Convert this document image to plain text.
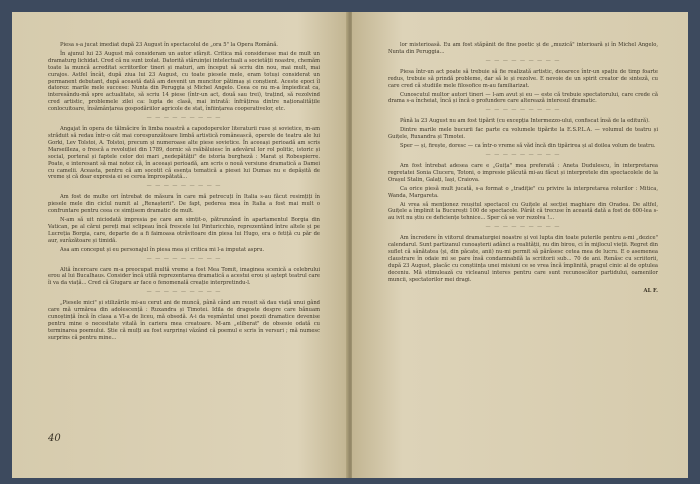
Piesa s-a jucat imediat după 23 August în spectacolul de „ora 5" la Opera Română.

În ajunul lui 23 August mă consideram un autor sfârșit. Critica mă considerase mai de mult un dramaturg lichidat. Cred că nu sunt izolat. Datorită stăruinței intelectuali a societății noastre, chemăm toate la muncă acreditat scriitorilor tineri și maturi, am început să scriu din nou, mai mult, mai curajos. Astfel încât, după ziua lui 23 August, cu toate piesele mele, eram totuși considerat un permanent debutant, după această dată am devenit un muncitor pătimaș și conștient. Aceste epoci îl datorez: marile mele succese: Nunta din Peruggia și Michel Angelo. Ceea ce nu m-a împiedicat ca, interesându-mă spre actualitate, să scriu 14 piese (într-un act, două sau trei), trațind, să rezolvind cred artistic, problemele zilei ca: lupta de clasă, mai intrată: înfrățirea dintre naționalitățile conlocuitoare, însămânțarea gospodăriilor agricole de stat, înființarea cooperativelor, etc.

— — — — — — — — —

Angajat în opera de tălmăcire în limba noastră a capodoperelor literaturii ruse și sovietice, m-am străduit să redau într-o cât mai corespunzătoare limbă artistică românească, operele de teatru ale lui Gorki, Lev Tolstoi, A. Tolstoi, precum și numeroase alte piese sovietice. În aceeași perioadă am scris Marseilleza, o frescă a revoluției din 1789, dornic să rsăbăluiesc în adevărul lor rol politic, istoric și social, porteral și faptele celor doi mari „nedepătății" de istoria burgheză : Marat și Robespierre. Poate, e interesant să mai notez că, în aceeași perioadă, am scris o nouă versiune dramatică a Damei cu camelii. Aceasta, pentru că am socotit că esența tematică a piesei lui Dumas nu e depășită de vreme și că doar expresia ei se cerea împrospătată...

— — — — — — — — —

Am fost de multe ori întrebat de măsura în care mă petrecuți în Italia s-au făcut resimțiți în piesele mele din ciclul numit al „Renașterii". De fapt, pederea mea în Italia a fost mai mult o confruntare pentru ceea ce simțisem dramatic de mult.

N-am să uit niciodată impresia pe care am simțit-o, pătrunzând în apartamentul Borgia din Vatican, pe al cărui pereți mai sclipeau încă frescele lui Pinturicchio, reprezentând între altele și pe Lucreția Borgia, care, departe de a fi faimoasa otrăvitoare din piesa lui Hugo, era o fetiță cu păr de aur, surâzătoare și timidă.

Asa am conceput și eu personajul în piesa mea și critica mi l-a imputat aspru.

— — — — — — — — —

Altă încercare care m-a preocupat multă vreme a fost Mea Tomit, imaginea scenică a celebrului erou al lui Bucalhaus. Consider încă utilă reprezentarea dramatică a acestui erou și aștept teatrul care îi va da viață... Cred că Giugaru ar face o fenomenală creație interpretindu-l.

— — — — — — — — —

„Piesele mici" și stilizările mi-au cerut ani de muncă, până când am reușit să dau viață unui gând care mă urmărea din adolescență : Ruxandra și Timotei. Idila de dragoste despre care bănuam cunoștință încă în clasa a VI-a de liceu, mă obsedă. A-i da veșmântul unei poezii dramatice devenise pentru mine o necesitate vitală în cariera mea creatoare. M-am „eliberat" de obsesie odată cu terminarea poemului. Știe că mulți au fost surprinși văzând că poemul e scris în versuri ; mă numesc surprins că pentru mine...

40

lor misterioasă. Eu am fost stăpânit de fine poetic și de „muzică" interioară și în Michel Angelo, Nunta din Peruggia...

— — — — — — — — —

Piesa într-un act poate să trebuie să fie realizată artistic, deoarece într-un spațiu de timp foarte redus, trebuie să prindă probleme, dar să le și rezolve. E nevoie de un spirit creator de sinteză, cu care cred că studiile mele filosofice m-au familiarizat.

Cunoscutul multor autori tineri — l-am avut și eu — este că trebuie spectatorului, care crede că drama s-a încheiat, încă și încă o profundere care alterează interesul dramatic.

— — — — — — — — —

Până la 23 August nu am fost tipărit (cu excepția Intermezzo-ului, confiscat însă de la editură).

Dintre marile mele bucurii fac parte cu volumele tipărite la E.S.P.L.A. — volumul de teatru și Guițele, Ruxandra și Timotei.

Sper — și, firește, doresc — ca într-o vreme să văd încă din tipărirea și al doilea volum de teatru.

— — — — — — — — —

Am fost întrebat adesea care e „Guița" mea preferată : Aneta Dudulescu, în interpretarea regretatei Sonia Cluceru, Totoni, o impresie plăcută mi-au făcut și interpretele din spectacolele de la Orașul Stalin, Galați, Iași, Craiova.

Ca orice piesă mult jucată, s-a format o „tradiție" cu privire la interpretarea rolurilor : Mitica, Wanda, Margareta.

Ai vrea să menționez reușitul spectacol cu Guițele al secției maghiare din Oradea. De altfel, Guițele a împlinit la București 100 de spectacole. Părăt că trecuse în această dată a fost de 600-lea s-au ivit nu știu ce deficiențe tehnice... Sper că se vor rezolva !...

— — — — — — — — —

Am încredere în viitorul dramaturgiei noastre și voi lupta din toate puterile pentru a-mi „dezice" calendarul. Sunt partizanul cunoașterii adânci a realității, nu din birou, ci în mijlocul vieții. Regret din suflet că sănătatea (și, din păcate, anii) nu-mi permit să părăsesc cetea mea de lucru. E o asemenea claustrare în odaie mi se pare însă condamnabilă la scriitorii sub... 70 de ani. Renăsc cu scriitorii, după 23 August, placăc cu conștiința unei misiuni ce se vrea încă împlinită, pragul cinic al de optulea deceniu. Mă stimulează cu vicleanul interes pentru care sunt recunoscător partidului, oamenilor muncii, spectatorilor mei dragi.

AL F.
